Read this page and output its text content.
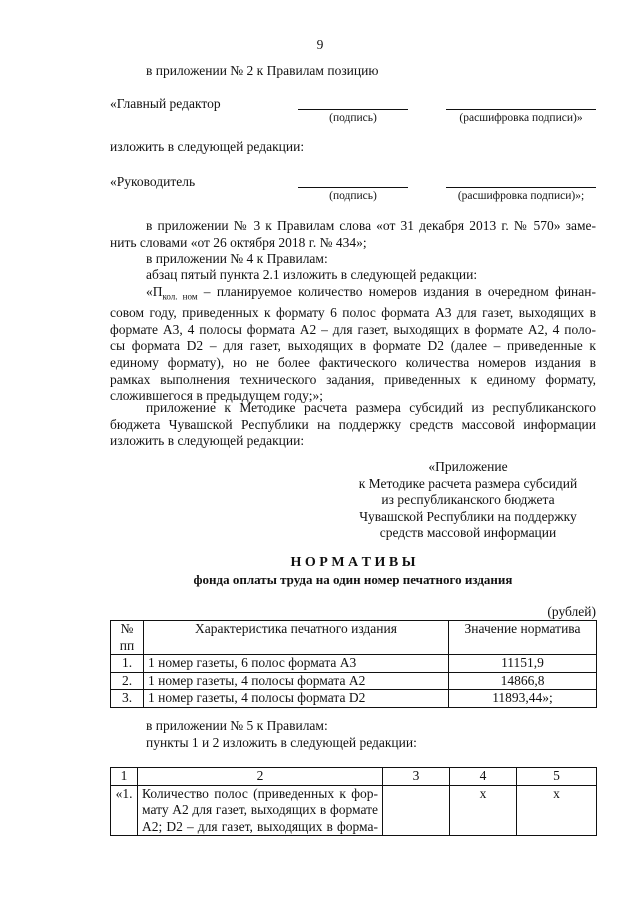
9
в приложении № 2 к Правилам позицию
«Главный редактор
(подпись)	(расшифровка подписи)»
изложить в следующей редакции:
«Руководитель
(подпись)	(расшифровка подписи)»;
в приложении № 3 к Правилам слова «от 31 декабря 2013 г. № 570» заме-
нить словами «от 26 октября 2018 г. № 434»;
в приложении № 4 к Правилам:
абзац пятый пункта 2.1 изложить в следующей редакции:
«$П_{кол. ном}$ – планируемое количество номеров издания в очередном финан-
совом году, приведенных к формату 6 полос формата А3 для газет, выходящих в
формате А3, 4 полосы формата А2 – для газет, выходящих в формате А2, 4 поло-
сы формата D2 – для газет, выходящих в формате D2 (далее – приведенные к
единому формату), но не более фактического количества номеров издания в
рамках выполнения технического задания, приведенных к единому формату,
сложившегося в предыдущем году;»;
приложение к Методике расчета размера субсидий из республиканского
бюджета Чувашской Республики на поддержку средств массовой информации
изложить в следующей редакции:
«Приложение
к Методике расчета размера субсидий
из республиканского бюджета
Чувашской Республики на поддержку
средств массовой информации
Н О Р М А Т И В Ы
фонда оплаты труда на один номер печатного издания
(рублей)
№
пп	Характеристика печатного издания	Значение норматива
1.	1 номер газеты, 6 полос формата А3	11151,9
2.	1 номер газеты, 4 полосы формата А2	14866,8
3.	1 номер газеты, 4 полосы формата D2	11893,44»;
в приложении № 5 к Правилам:
пункты 1 и 2 изложить в следующей редакции:
1	2	3	4	5
«1.	Количество полос (приведенных к фор-
мату А2 для газет, выходящих в формате
А2; D2 – для газет, выходящих в форма-		x	x
